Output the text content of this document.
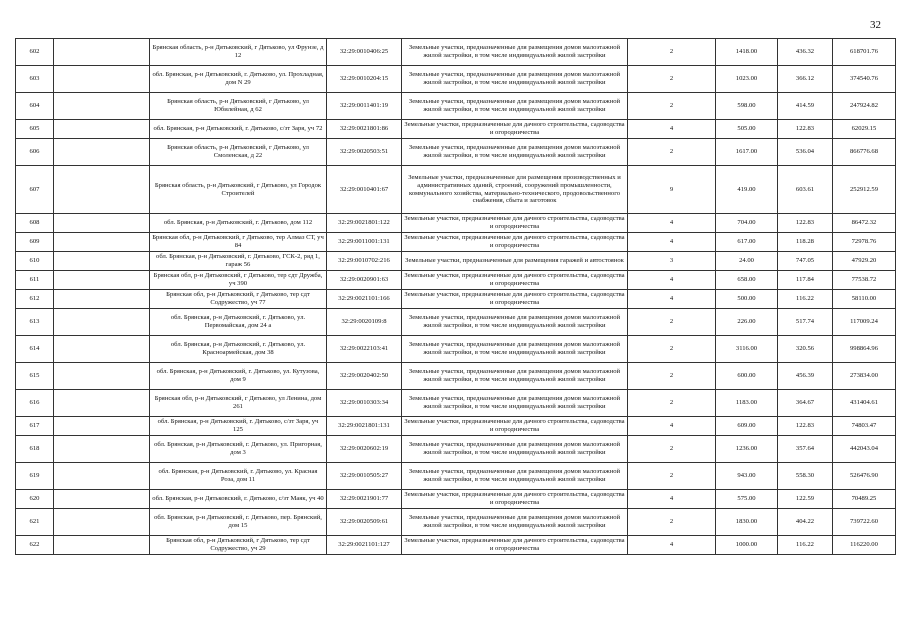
32
602		Брянская область, р-н Дятьковский, г Дятьково, ул Фрунзе, д 12	32:29:0010406:25	Земельные участки, предназначенные для размещения домов малоэтажной жилой застройки, в том числе индивидуальной жилой застройки	2	1418.00	436.32	618701.76
603		обл. Брянская, р-н Дятьковский, г. Дятьково, ул. Прохладная, дом N 29	32:29:0010204:15	Земельные участки, предназначенные для размещения домов малоэтажной жилой застройки, в том числе индивидуальной жилой застройки	2	1023.00	366.12	374540.76
604		Брянская область, р-н Дятьковский, г Дятьково, ул Юбилейная, д 62	32:29:0011401:19	Земельные участки, предназначенные для размещения домов малоэтажной жилой застройки, в том числе индивидуальной жилой застройки	2	598.00	414.59	247924.82
605		обл. Брянская, р-н Дятьковский, г. Дятьково, с/зт Заря, уч 72	32:29:0021801:86	Земельные участки, предназначенные для дачного строительства, садоводства и огородничества	4	505.00	122.83	62029.15
606		Брянская область, р-н Дятьковский, г Дятьково, ул Смоленская, д 22	32:29:0020503:51	Земельные участки, предназначенные для размещения домов малоэтажной жилой застройки, в том числе индивидуальной жилой застройки	2	1617.00	536.04	866776.68
607		Брянская область, р-н Дятьковский, г Дятьково, ул Городок Строителей	32:29:0010401:67	Земельные участки, предназначенные для размещения производственных и административных зданий, строений, сооружений промышленности, коммунального хозяйства, материально-технического, продовольственного снабжения, сбыта и заготовок	9	419.00	603.61	252912.59
608		обл. Брянская, р-н Дятьковский, г. Дятьково, дом 112	32:29:0021801:122	Земельные участки, предназначенные для дачного строительства, садоводства и огородничества	4	704.00	122.83	86472.32
609		Брянская обл, р-н Дятьковский, г Дятьково, тер Алмаз СТ, уч 84	32:29:0011001:131	Земельные участки, предназначенные для дачного строительства, садоводства и огородничества	4	617.00	118.28	72978.76
610		обл. Брянская, р-н Дятьковский, г. Дятьково, ГСК-2, ряд 1, гараж 56	32:29:0010702:216	Земельные участки, предназначенные для размещения гаражей и автостоянок	3	24.00	747.05	47929.20
611		Брянская обл, р-н Дятьковский, г Дятьково, тер сдт Дружба, уч 390	32:29:0020901:63	Земельные участки, предназначенные для дачного строительства, садоводства и огородничества	4	658.00	117.84	77538.72
612		Брянская обл, р-н Дятьковский, г Дятьково, тер сдт Содружество, уч 77	32:29:0021101:166	Земельные участки, предназначенные для дачного строительства, садоводства и огородничества	4	500.00	116.22	58110.00
613		обл. Брянская, р-н Дятьковский, г. Дятьково, ул. Первомайская, дом 24 а	32:29:0020109:8	Земельные участки, предназначенные для размещения домов малоэтажной жилой застройки, в том числе индивидуальной жилой застройки	2	226.00	517.74	117009.24
614		обл. Брянская, р-н Дятьковский, г. Дятьково, ул. Красноармейская, дом 38	32:29:0022103:41	Земельные участки, предназначенные для размещения домов малоэтажной жилой застройки, в том числе индивидуальной жилой застройки	2	3116.00	320.56	998864.96
615		обл. Брянская, р-н Дятьковский, г. Дятьково, ул. Кутузова, дом 9	32:29:0020402:50	Земельные участки, предназначенные для размещения домов малоэтажной жилой застройки, в том числе индивидуальной жилой застройки	2	600.00	456.39	273834.00
616		Брянская обл, р-н Дятьковский, г Дятьково, ул Ленина, дом 261	32:29:0010303:34	Земельные участки, предназначенные для размещения домов малоэтажной жилой застройки, в том числе индивидуальной жилой застройки	2	1183.00	364.67	431404.61
617		обл. Брянская, р-н Дятьковский, г. Дятьково, с/зт Заря, уч 125	32:29:0021801:131	Земельные участки, предназначенные для дачного строительства, садоводства и огородничества	4	609.00	122.83	74803.47
618		обл. Брянская, р-н Дятьковский, г. Дятьково, ул. Пригорная, дом 3	32:29:0020602:19	Земельные участки, предназначенные для размещения домов малоэтажной жилой застройки, в том числе индивидуальной жилой застройки	2	1236.00	357.64	442043.04
619		обл. Брянская, р-н Дятьковский, г. Дятьково, ул. Красная Роза, дом 11	32:29:0010505:27	Земельные участки, предназначенные для размещения домов малоэтажной жилой застройки, в том числе индивидуальной жилой застройки	2	943.00	558.30	526476.90
620		обл. Брянская, р-н Дятьковский, г. Дятьково, с/зт Маяк, уч 40	32:29:0021901:77	Земельные участки, предназначенные для дачного строительства, садоводства и огородничества	4	575.00	122.59	70489.25
621		обл. Брянская, р-н Дятьковский, г. Дятьково, пер. Брянский, дом 15	32:29:0020509:61	Земельные участки, предназначенные для размещения домов малоэтажной жилой застройки, в том числе индивидуальной жилой застройки	2	1830.00	404.22	739722.60
622		Брянская обл, р-н Дятьковский, г Дятьково, тер сдт Содружество, уч 29	32:29:0021101:127	Земельные участки, предназначенные для дачного строительства, садоводства и огородничества	4	1000.00	116.22	116220.00
